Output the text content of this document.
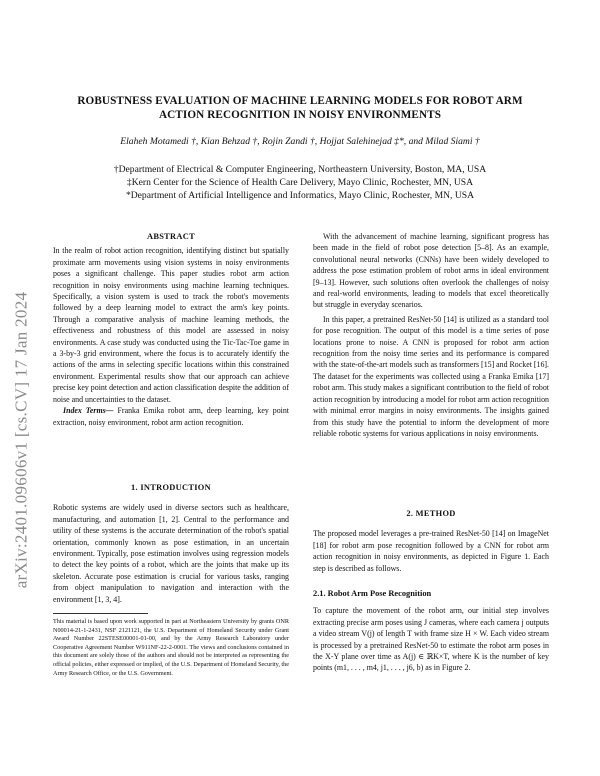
arXiv:2401.09606v1 [cs.CV] 17 Jan 2024
ROBUSTNESS EVALUATION OF MACHINE LEARNING MODELS FOR ROBOT ARM
ACTION RECOGNITION IN NOISY ENVIRONMENTS
Elaheh Motamedi †, Kian Behzad †, Rojin Zandi †, Hojjat Salehinejad ‡*, and Milad Siami †
†Department of Electrical & Computer Engineering, Northeastern University, Boston, MA, USA
‡Kern Center for the Science of Health Care Delivery, Mayo Clinic, Rochester, MN, USA
*Department of Artificial Intelligence and Informatics, Mayo Clinic, Rochester, MN, USA

ABSTRACT

In the realm of robot action recognition, identifying distinct but spatially proximate arm movements using vision systems in noisy environments poses a significant challenge. This paper studies robot arm action recognition in noisy environments using machine learning techniques. Specifically, a vision system is used to track the robot's movements followed by a deep learning model to extract the arm's key points. Through a comparative analysis of machine learning methods, the effectiveness and robustness of this model are assessed in noisy environments. A case study was conducted using the Tic-Tac-Toe game in a 3-by-3 grid environment, where the focus is to accurately identify the actions of the arms in selecting specific locations within this constrained environment. Experimental results show that our approach can achieve precise key point detection and action classification despite the addition of noise and uncertainties to the dataset.

Index Terms— Franka Emika robot arm, deep learning, key point extraction, noisy environment, robot arm action recognition.

1. INTRODUCTION

Robotic systems are widely used in diverse sectors such as healthcare, manufacturing, and automation [1, 2]. Central to the performance and utility of these systems is the accurate determination of the robot's spatial orientation, commonly known as pose estimation, in an uncertain environment. Typically, pose estimation involves using regression models to detect the key points of a robot, which are the joints that make up its skeleton. Accurate pose estimation is crucial for various tasks, ranging from object manipulation to navigation and interaction with the environment [1, 3, 4].

This material is based upon work supported in part at Northeastern University by grants ONR N00014-21-1-2431, NSF 2121121, the U.S. Department of Homeland Security under Grant Award Number 22STESE00001-01-00, and by the Army Research Laboratory under Cooperative Agreement Number W911NF-22-2-0001. The views and conclusions contained in this document are solely those of the authors and should not be interpreted as representing the official policies, either expressed or implied, of the U.S. Department of Homeland Security, the Army Research Office, or the U.S. Government.

With the advancement of machine learning, significant progress has been made in the field of robot pose detection [5–8]. As an example, convolutional neural networks (CNNs) have been widely developed to address the pose estimation problem of robot arms in ideal environment [9–13]. However, such solutions often overlook the challenges of noisy and real-world environments, leading to models that excel theoretically but struggle in everyday scenarios.

In this paper, a pretrained ResNet-50 [14] is utilized as a standard tool for pose recognition. The output of this model is a time series of pose locations prone to noise. A CNN is proposed for robot arm action recognition from the noisy time series and its performance is compared with the state-of-the-art models such as transformers [15] and Rocket [16]. The dataset for the experiments was collected using a Franka Emika [17] robot arm. This study makes a significant contribution to the field of robot action recognition by introducing a model for robot arm action recognition with minimal error margins in noisy environments. The insights gained from this study have the potential to inform the development of more reliable robotic systems for various applications in noisy environments.

2. METHOD

The proposed model leverages a pre-trained ResNet-50 [14] on ImageNet [18] for robot arm pose recognition followed by a CNN for robot arm action recognition in noisy environments, as depicted in Figure 1. Each step is described as follows.

2.1. Robot Arm Pose Recognition

To capture the movement of the robot arm, our initial step involves extracting precise arm poses using J cameras, where each camera j outputs a video stream V(j) of length T with frame size H × W. Each video stream is processed by a pretrained ResNet-50 to estimate the robot arm poses in the X-Y plane over time as A(j) ∈ ℝK×T, where K is the number of key points (m1, . . . , m4, j1, . . . , j6, b) as in Figure 2.
